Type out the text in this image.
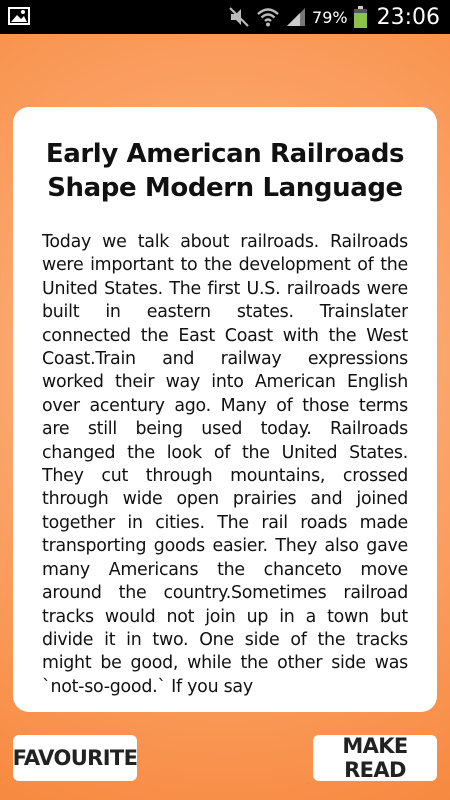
79% 23:06
Early American Railroads Shape Modern Language
Today we talk about railroads. Railroads were important to the development of the United States. The first U.S. railroads were built in eastern states. Trainslater connected the East Coast with the West Coast.Train and railway expressions worked their way into American English over acentury ago. Many of those terms are still being used today. Railroads changed the look of the United States. They cut through mountains, crossed through wide open prairies and joined together in cities. The rail roads made transporting goods easier. They also gave many Americans the chanceto move around the country.Sometimes railroad tracks would not join up in a town but divide it in two. One side of the tracks might be good, while the other side was `not-so-good.` If you say
FAVOURITE	MAKE READ
